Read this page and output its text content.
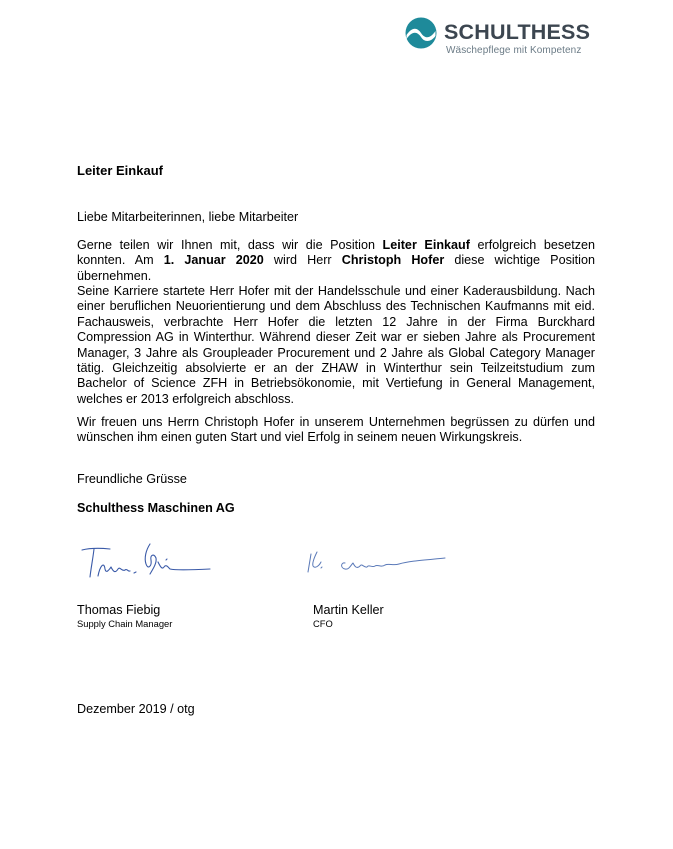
SCHULTHESS
Wäschepflege mit Kompetenz
Leiter Einkauf
Liebe Mitarbeiterinnen, liebe Mitarbeiter
Gerne teilen wir Ihnen mit, dass wir die Position Leiter Einkauf erfolgreich besetzen konnten. Am 1. Januar 2020 wird Herr Christoph Hofer diese wichtige Position übernehmen.
Seine Karriere startete Herr Hofer mit der Handelsschule und einer Kaderausbildung. Nach einer beruflichen Neuorientierung und dem Abschluss des Technischen Kaufmanns mit eid. Fachausweis, verbrachte Herr Hofer die letzten 12 Jahre in der Firma Burckhard Compression AG in Winterthur. Während dieser Zeit war er sieben Jahre als Procurement Manager, 3 Jahre als Groupleader Procurement und 2 Jahre als Global Category Manager tätig. Gleichzeitig absolvierte er an der ZHAW in Winterthur sein Teilzeitstudium zum Bachelor of Science ZFH in Betriebsökonomie, mit Vertiefung in General Management, welches er 2013 erfolgreich abschloss.
Wir freuen uns Herrn Christoph Hofer in unserem Unternehmen begrüssen zu dürfen und wünschen ihm einen guten Start und viel Erfolg in seinem neuen Wirkungskreis.
Freundliche Grüsse
Schulthess Maschinen AG
Thomas Fiebig
Supply Chain Manager
Martin Keller
CFO
Dezember 2019 / otg
